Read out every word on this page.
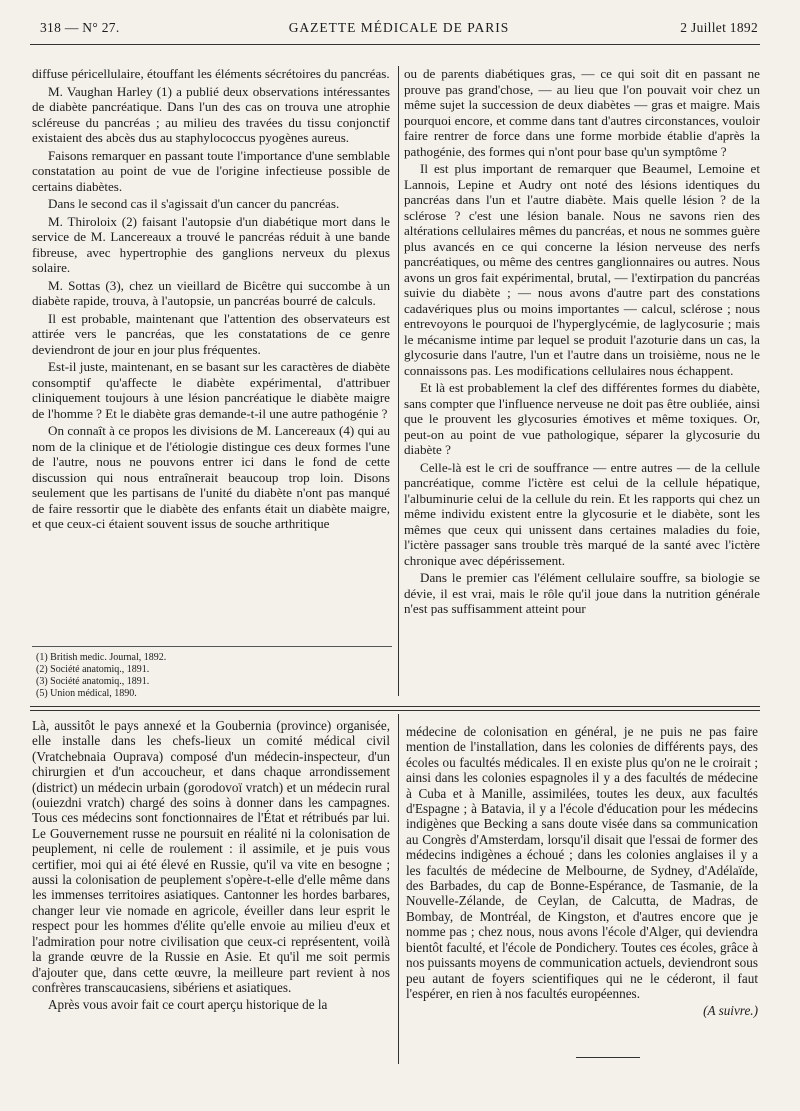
318 — N° 27.	GAZETTE MÉDICALE DE PARIS	2 Juillet 1892

diffuse péricellulaire, étouffant les éléments sécrétoires du pancréas.

M. Vaughan Harley (1) a publié deux observations intéressantes de diabète pancréatique. Dans l'un des cas on trouva une atrophie scléreuse du pancréas ; au milieu des travées du tissu conjonctif existaient des abcès dus au staphylococcus pyogènes aureus.

Faisons remarquer en passant toute l'importance d'une semblable constatation au point de vue de l'origine infectieuse possible de certains diabètes.

Dans le second cas il s'agissait d'un cancer du pancréas.

M. Thiroloix (2) faisant l'autopsie d'un diabétique mort dans le service de M. Lancereaux a trouvé le pancréas réduit à une bande fibreuse, avec hypertrophie des ganglions nerveux du plexus solaire.

M. Sottas (3), chez un vieillard de Bicêtre qui succombe à un diabète rapide, trouva, à l'autopsie, un pancréas bourré de calculs.

Il est probable, maintenant que l'attention des observateurs est attirée vers le pancréas, que les constatations de ce genre deviendront de jour en jour plus fréquentes.

Est-il juste, maintenant, en se basant sur les caractères de diabète consomptif qu'affecte le diabète expérimental, d'attribuer cliniquement toujours à une lésion pancréatique le diabète maigre de l'homme ? Et le diabète gras demande-t-il une autre pathogénie ?

On connaît à ce propos les divisions de M. Lancereaux (4) qui au nom de la clinique et de l'étiologie distingue ces deux formes l'une de l'autre, nous ne pouvons entrer ici dans le fond de cette discussion qui nous entraînerait beaucoup trop loin. Disons seulement que les partisans de l'unité du diabète n'ont pas manqué de faire ressortir que le diabète des enfants était un diabète maigre, et que ceux-ci étaient souvent issus de souche arthritique

ou de parents diabétiques gras, — ce qui soit dit en passant ne prouve pas grand'chose, — au lieu que l'on pouvait voir chez un même sujet la succession de deux diabètes — gras et maigre. Mais pourquoi encore, et comme dans tant d'autres circonstances, vouloir faire rentrer de force dans une forme morbide établie d'après la pathogénie, des formes qui n'ont pour base qu'un symptôme ?

Il est plus important de remarquer que Beaumel, Lemoine et Lannois, Lepine et Audry ont noté des lésions identiques du pancréas dans l'un et l'autre diabète. Mais quelle lésion ? de la sclérose ? c'est une lésion banale. Nous ne savons rien des altérations cellulaires mêmes du pancréas, et nous ne sommes guère plus avancés en ce qui concerne la lésion nerveuse des nerfs pancréatiques, ou même des centres ganglionnaires ou autres. Nous avons un gros fait expérimental, brutal, — l'extirpation du pancréas suivie du diabète ; — nous avons d'autre part des constations cadavériques plus ou moins importantes — calcul, sclérose ; nous entrevoyons le pourquoi de l'hyperglycémie, de laglycosurie ; mais le mécanisme intime par lequel se produit l'azoturie dans un cas, la glycosurie dans l'autre, l'un et l'autre dans un troisième, nous ne le connaissons pas. Les modifications cellulaires nous échappent.

Et là est probablement la clef des différentes formes du diabète, sans compter que l'influence nerveuse ne doit pas être oubliée, ainsi que le prouvent les glycosuries émotives et même toxiques. Or, peut-on au point de vue pathologique, séparer la glycosurie du diabète ?

Celle-là est le cri de souffrance — entre autres — de la cellule pancréatique, comme l'ictère est celui de la cellule hépatique, l'albuminurie celui de la cellule du rein. Et les rapports qui chez un même individu existent entre la glycosurie et le diabète, sont les mêmes que ceux qui unissent dans certaines maladies du foie, l'ictère passager sans trouble très marqué de la santé avec l'ictère chronique avec dépérissement.

Dans le premier cas l'élément cellulaire souffre, sa biologie se dévie, il est vrai, mais le rôle qu'il joue dans la nutrition générale n'est pas suffisamment atteint pour

(1) British medic. Journal, 1892.
(2) Société anatomiq., 1891.
(3) Société anatomiq., 1891.
(5) Union médical, 1890.

Là, aussitôt le pays annexé et la Goubernia (province) organisée, elle installe dans les chefs-lieux un comité médical civil (Vratchebnaia Ouprava) composé d'un médecin-inspecteur, d'un chirurgien et d'un accoucheur, et dans chaque arrondissement (district) un médecin urbain (gorodovoï vratch) et un médecin rural (ouiezdni vratch) chargé des soins à donner dans les campagnes. Tous ces médecins sont fonctionnaires de l'État et rétribués par lui. Le Gouvernement russe ne poursuit en réalité ni la colonisation de peuplement, ni celle de roulement : il assimile, et je puis vous certifier, moi qui ai été élevé en Russie, qu'il va vite en besogne ; aussi la colonisation de peuplement s'opère-t-elle d'elle même dans les immenses territoires asiatiques. Cantonner les hordes barbares, changer leur vie nomade en agricole, éveiller dans leur esprit le respect pour les hommes d'élite qu'elle envoie au milieu d'eux et l'admiration pour notre civilisation que ceux-ci représentent, voilà la grande œuvre de la Russie en Asie. Et qu'il me soit permis d'ajouter que, dans cette œuvre, la meilleure part revient à nos confrères transcaucasiens, sibériens et asiatiques.

Après vous avoir fait ce court aperçu historique de la

médecine de colonisation en général, je ne puis ne pas faire mention de l'installation, dans les colonies de différents pays, des écoles ou facultés médicales. Il en existe plus qu'on ne le croirait ; ainsi dans les colonies espagnoles il y a des facultés de médecine à Cuba et à Manille, assimilées, toutes les deux, aux facultés d'Espagne ; à Batavia, il y a l'école d'éducation pour les médecins indigènes que Becking a sans doute visée dans sa communication au Congrès d'Amsterdam, lorsqu'il disait que l'essai de former des médecins indigènes a échoué ; dans les colonies anglaises il y a les facultés de médecine de Melbourne, de Sydney, d'Adélaïde, des Barbades, du cap de Bonne-Espérance, de Tasmanie, de la Nouvelle-Zélande, de Ceylan, de Calcutta, de Madras, de Bombay, de Montréal, de Kingston, et d'autres encore que je nomme pas ; chez nous, nous avons l'école d'Alger, qui deviendra bientôt faculté, et l'école de Pondichery. Toutes ces écoles, grâce à nos puissants moyens de communication actuels, deviendront sous peu autant de foyers scientifiques qui ne le céderont, il faut l'espérer, en rien à nos facultés européennes.

(A suivre.)
